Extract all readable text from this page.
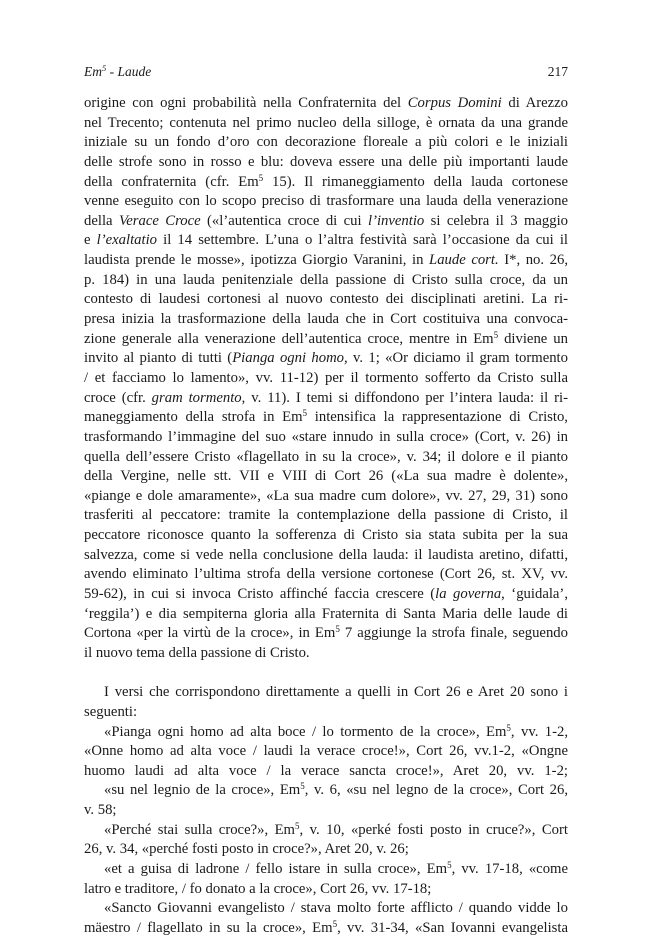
Em$^5$ - Laude	217
origine con ogni probabilità nella Confraternita del Corpus Domini di Arezzo
nel Trecento; contenuta nel primo nucleo della silloge, è ornata da una grande
iniziale su un fondo d’oro con decorazione floreale a più colori e le iniziali
delle strofe sono in rosso e blu: doveva essere una delle più importanti laude
della confraternita (cfr. Em$^5$ 15). Il rimaneggiamento della lauda cortonese
venne eseguito con lo scopo preciso di trasformare una lauda della venerazione
della Verace Croce («l’autentica croce di cui l’inventio si celebra il 3 maggio
e l’exaltatio il 14 settembre. L’una o l’altra festività sarà l’occasione da cui il
laudista prende le mosse», ipotizza Giorgio Varanini, in Laude cort. I*, no. 26,
p. 184) in una lauda penitenziale della passione di Cristo sulla croce, da un
contesto di laudesi cortonesi al nuovo contesto dei disciplinati aretini. La ri-
presa inizia la trasformazione della lauda che in Cort costituiva una convoca-
zione generale alla venerazione dell’autentica croce, mentre in Em$^5$ diviene un
invito al pianto di tutti (Pianga ogni homo, v. 1; «Or diciamo il gram tormento
/ et facciamo lo lamento», vv. 11-12) per il tormento sofferto da Cristo sulla
croce (cfr. gram tormento, v. 11). I temi si diffondono per l’intera lauda: il ri-
maneggiamento della strofa in Em$^5$ intensifica la rappresentazione di Cristo,
trasformando l’immagine del suo «stare innudo in sulla croce» (Cort, v. 26) in
quella dell’essere Cristo «flagellato in su la croce», v. 34; il dolore e il pianto
della Vergine, nelle stt. VII e VIII di Cort 26 («La sua madre è dolente»,
«piange e dole amaramente», «La sua madre cum dolore», vv. 27, 29, 31) sono
trasferiti al peccatore: tramite la contemplazione della passione di Cristo, il
peccatore riconosce quanto la sofferenza di Cristo sia stata subita per la sua
salvezza, come si vede nella conclusione della lauda: il laudista aretino, difatti,
avendo eliminato l’ultima strofa della versione cortonese (Cort 26, st. XV, vv.
59-62), in cui si invoca Cristo affinché faccia crescere (la governa, ‘guidala’,
‘reggila’) e dia sempiterna gloria alla Fraternita di Santa Maria delle laude di
Cortona «per la virtù de la croce», in Em$^5$ 7 aggiunge la strofa finale, seguendo
il nuovo tema della passione di Cristo.
I versi che corrispondono direttamente a quelli in Cort 26 e Aret 20 sono i
seguenti:
«Pianga ogni homo ad alta boce / lo tormento de la croce», Em$^5$, vv. 1-2,
«Onne homo ad alta voce / laudi la verace croce!», Cort 26, vv.1-2, «Ongne
huomo laudi ad alta voce / la verace sancta croce!», Aret 20, vv. 1-2;
«su nel legnio de la croce», Em$^5$, v. 6, «su nel legno de la croce», Cort 26,
v. 58;
«Perché stai sulla croce?», Em$^5$, v. 10, «perké fosti posto in cruce?», Cort
26, v. 34, «perché fosti posto in croce?», Aret 20, v. 26;
«et a guisa di ladrone / fello istare in sulla croce», Em$^5$, vv. 17-18, «come
latro e traditore, / fo donato a la croce», Cort 26, vv. 17-18;
«Sancto Giovanni evangelisto / stava molto forte afflicto / quando vidde lo
mäestro / flagellato in su la croce», Em$^5$, vv. 31-34, «San Iovanni evangelista
